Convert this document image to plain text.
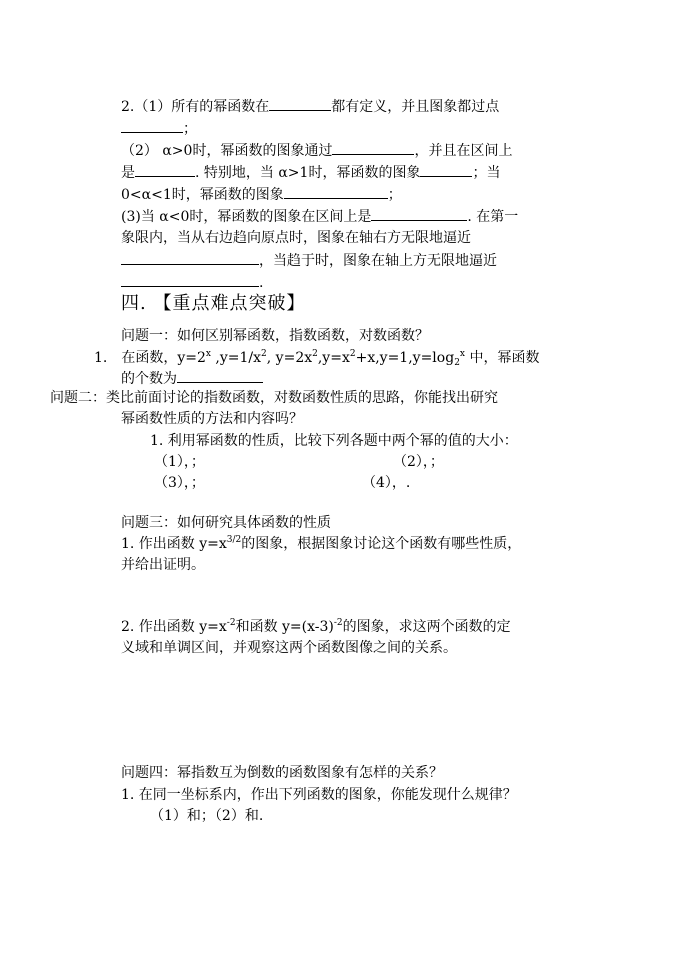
2.（1）所有的幂函数在	都有定义，并且图象都过点
；
（2） α>0时，幂函数的图象通过	，并且在区间上
是	. 特别地，当 α>1时，幂函数的图象	；当
0<α<1时，幂函数的图象	；
(3)当 α<0时，幂函数的图象在区间上是	. 在第一
象限内，当从右边趋向原点时，图象在轴右方无限地逼近
，当趋于时，图象在轴上方无限地逼近
.
四. 【重点难点突破】
问题一：如何区别幂函数，指数函数，对数函数？
1. 在函数，$y=2^x$ $,y=1/x^2$, $y=2x^2,y=x^2+x,y=1,y=\log_2^x$ 中，幂函数
的个数为
问题二：类比前面讨论的指数函数，对数函数性质的思路，你能找出研究
幂函数性质的方法和内容吗？
1. 利用幂函数的性质，比较下列各题中两个幂的值的大小：
（1），；	（2），；
（3），；	（4），.
问题三：如何研究具体函数的性质
1. 作出函数 $y=x^{3/2}$的图象，根据图象讨论这个函数有哪些性质，
并给出证明。
2. 作出函数 $y=x^{-2}$和函数 $y=(x-3)^{-2}$的图象，求这两个函数的定
义域和单调区间，并观察这两个函数图像之间的关系。
问题四：幂指数互为倒数的函数图象有怎样的关系？
1. 在同一坐标系内，作出下列函数的图象，你能发现什么规律？
（1）和；（2）和.
